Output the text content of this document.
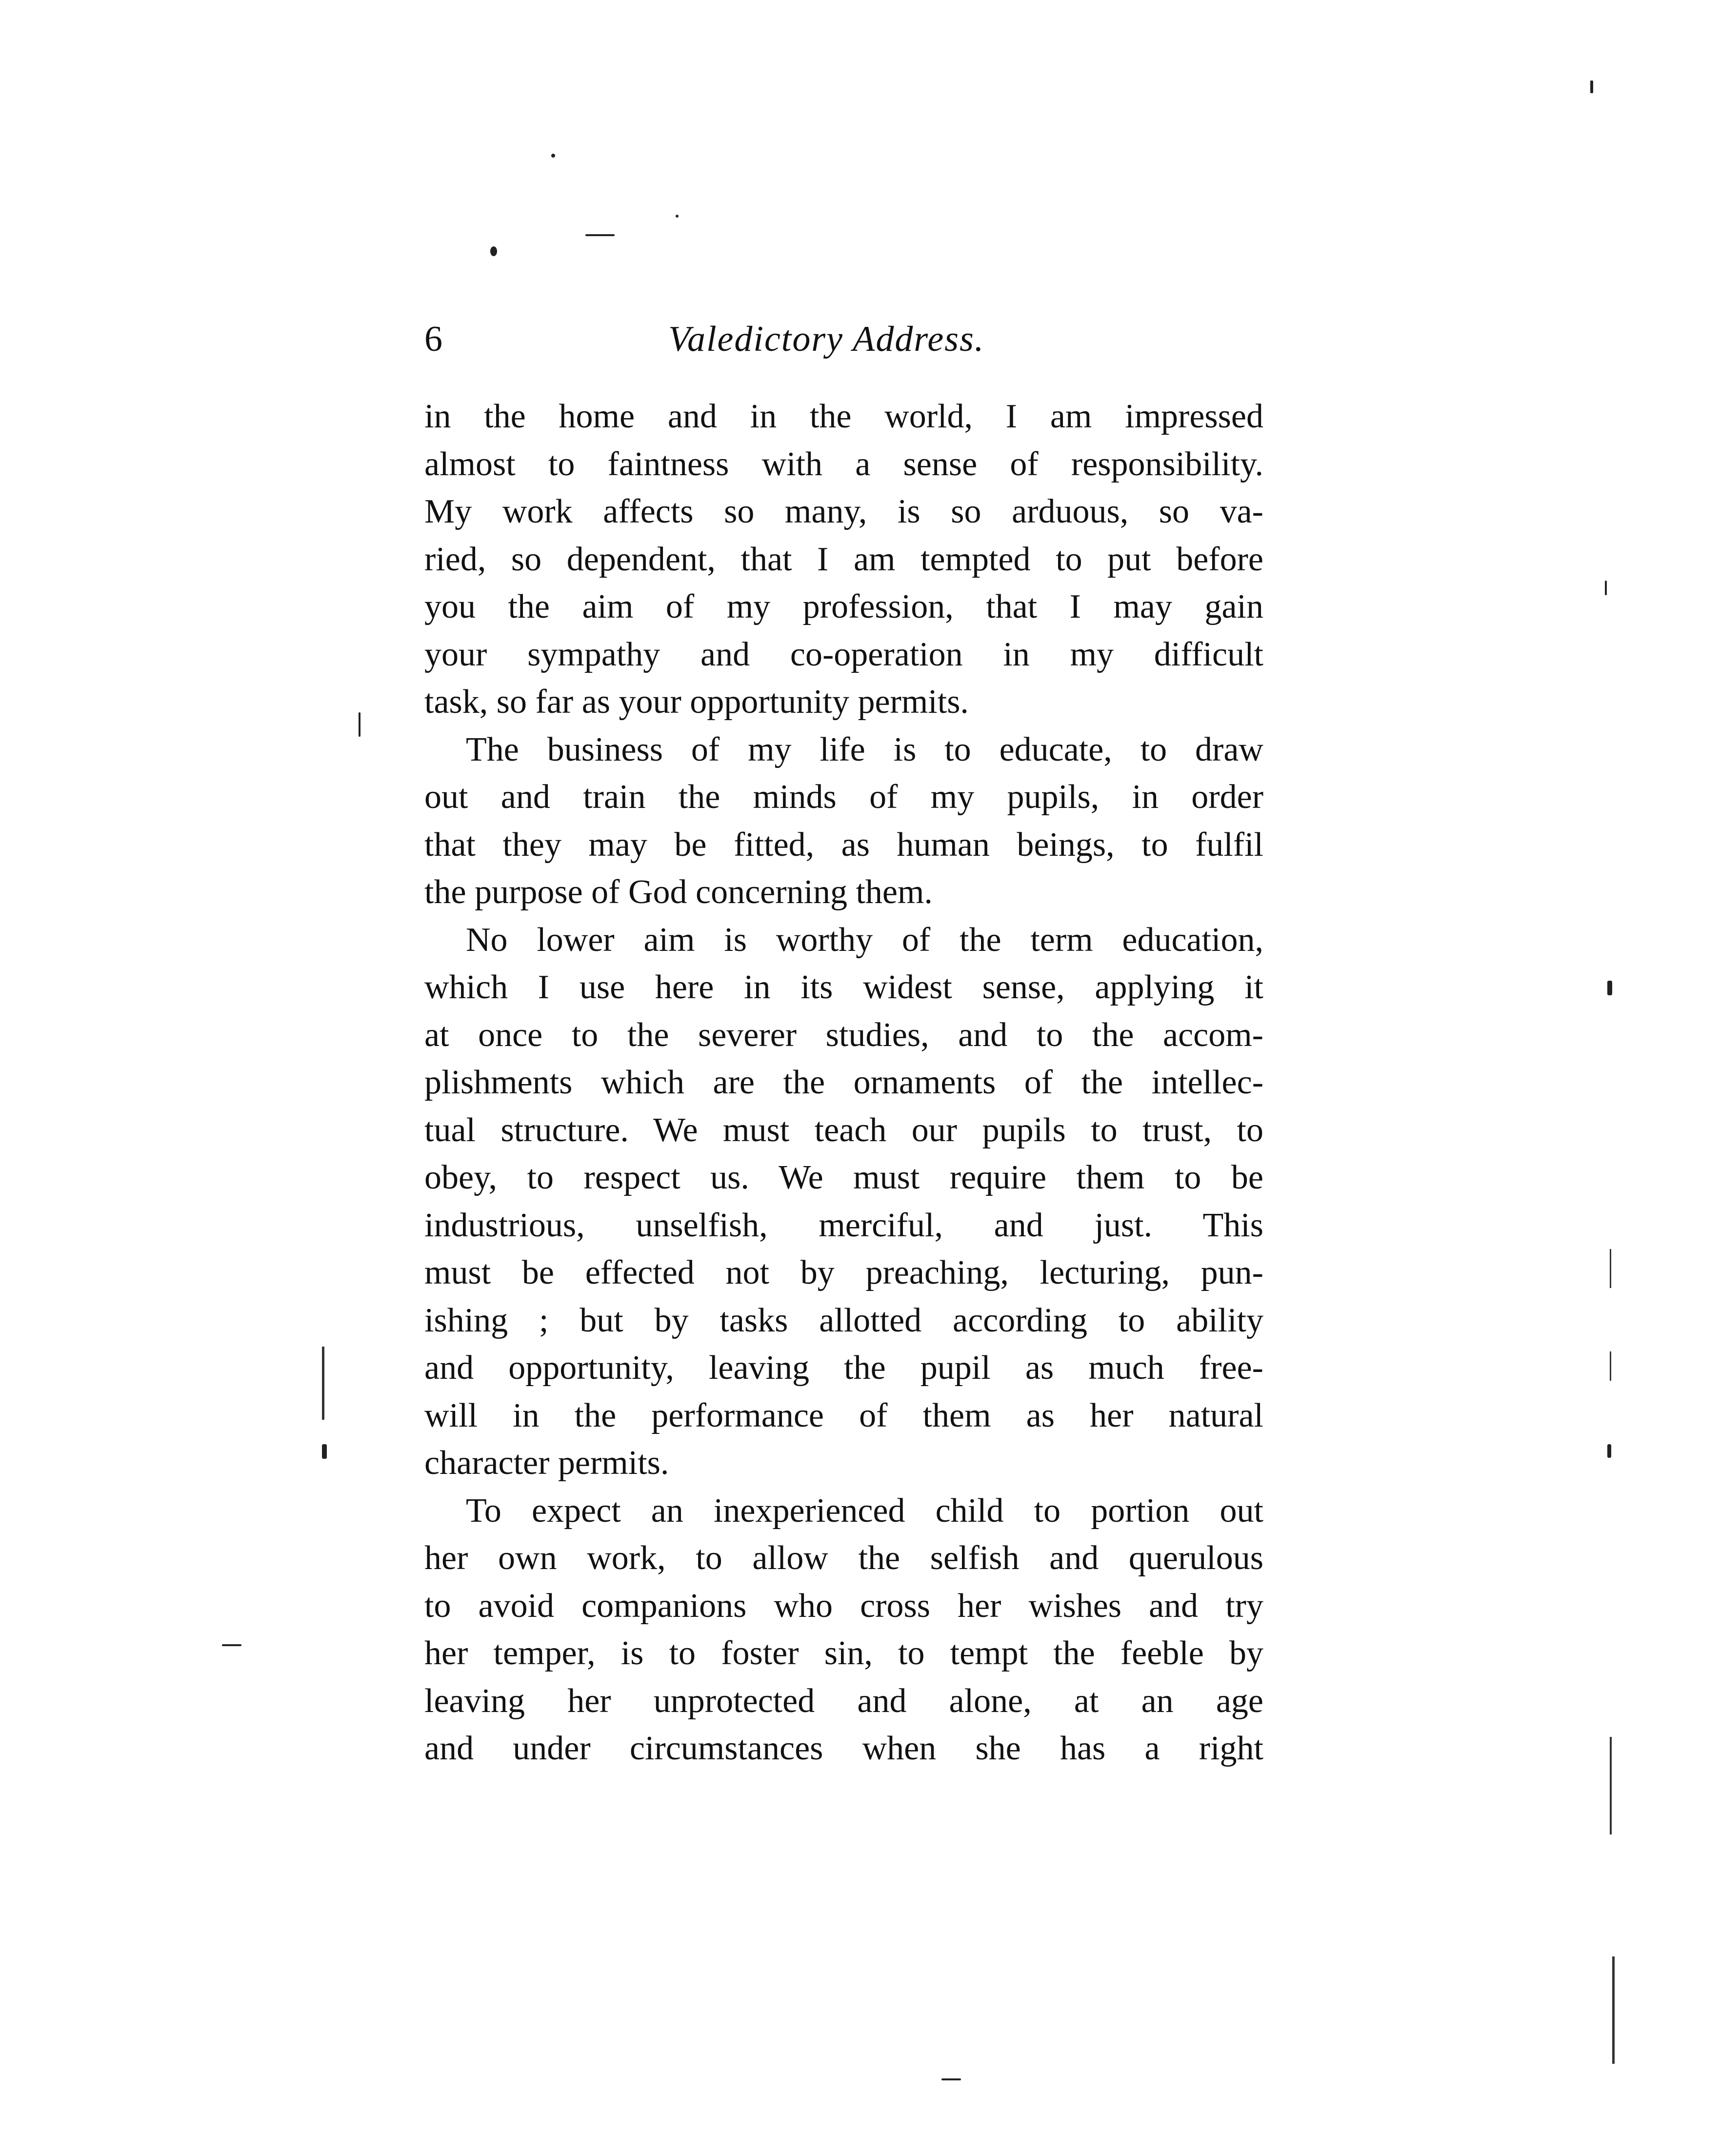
6	Valedictory Address.
in the home and in the world, I am impressed
almost to faintness with a sense of responsibility.
My work affects so many, is so arduous, so va-
ried, so dependent, that I am tempted to put before
you the aim of my profession, that I may gain
your sympathy and co-operation in my difficult
task, so far as your opportunity permits.
The business of my life is to educate, to draw
out and train the minds of my pupils, in order
that they may be fitted, as human beings, to fulfil
the purpose of God concerning them.
No lower aim is worthy of the term education,
which I use here in its widest sense, applying it
at once to the severer studies, and to the accom-
plishments which are the ornaments of the intellec-
tual structure. We must teach our pupils to trust, to
obey, to respect us. We must require them to be
industrious, unselfish, merciful, and just. This
must be effected not by preaching, lecturing, pun-
ishing ; but by tasks allotted according to ability
and opportunity, leaving the pupil as much free-
will in the performance of them as her natural
character permits.
To expect an inexperienced child to portion out
her own work, to allow the selfish and querulous
to avoid companions who cross her wishes and try
her temper, is to foster sin, to tempt the feeble by
leaving her unprotected and alone, at an age
and under circumstances when she has a right
